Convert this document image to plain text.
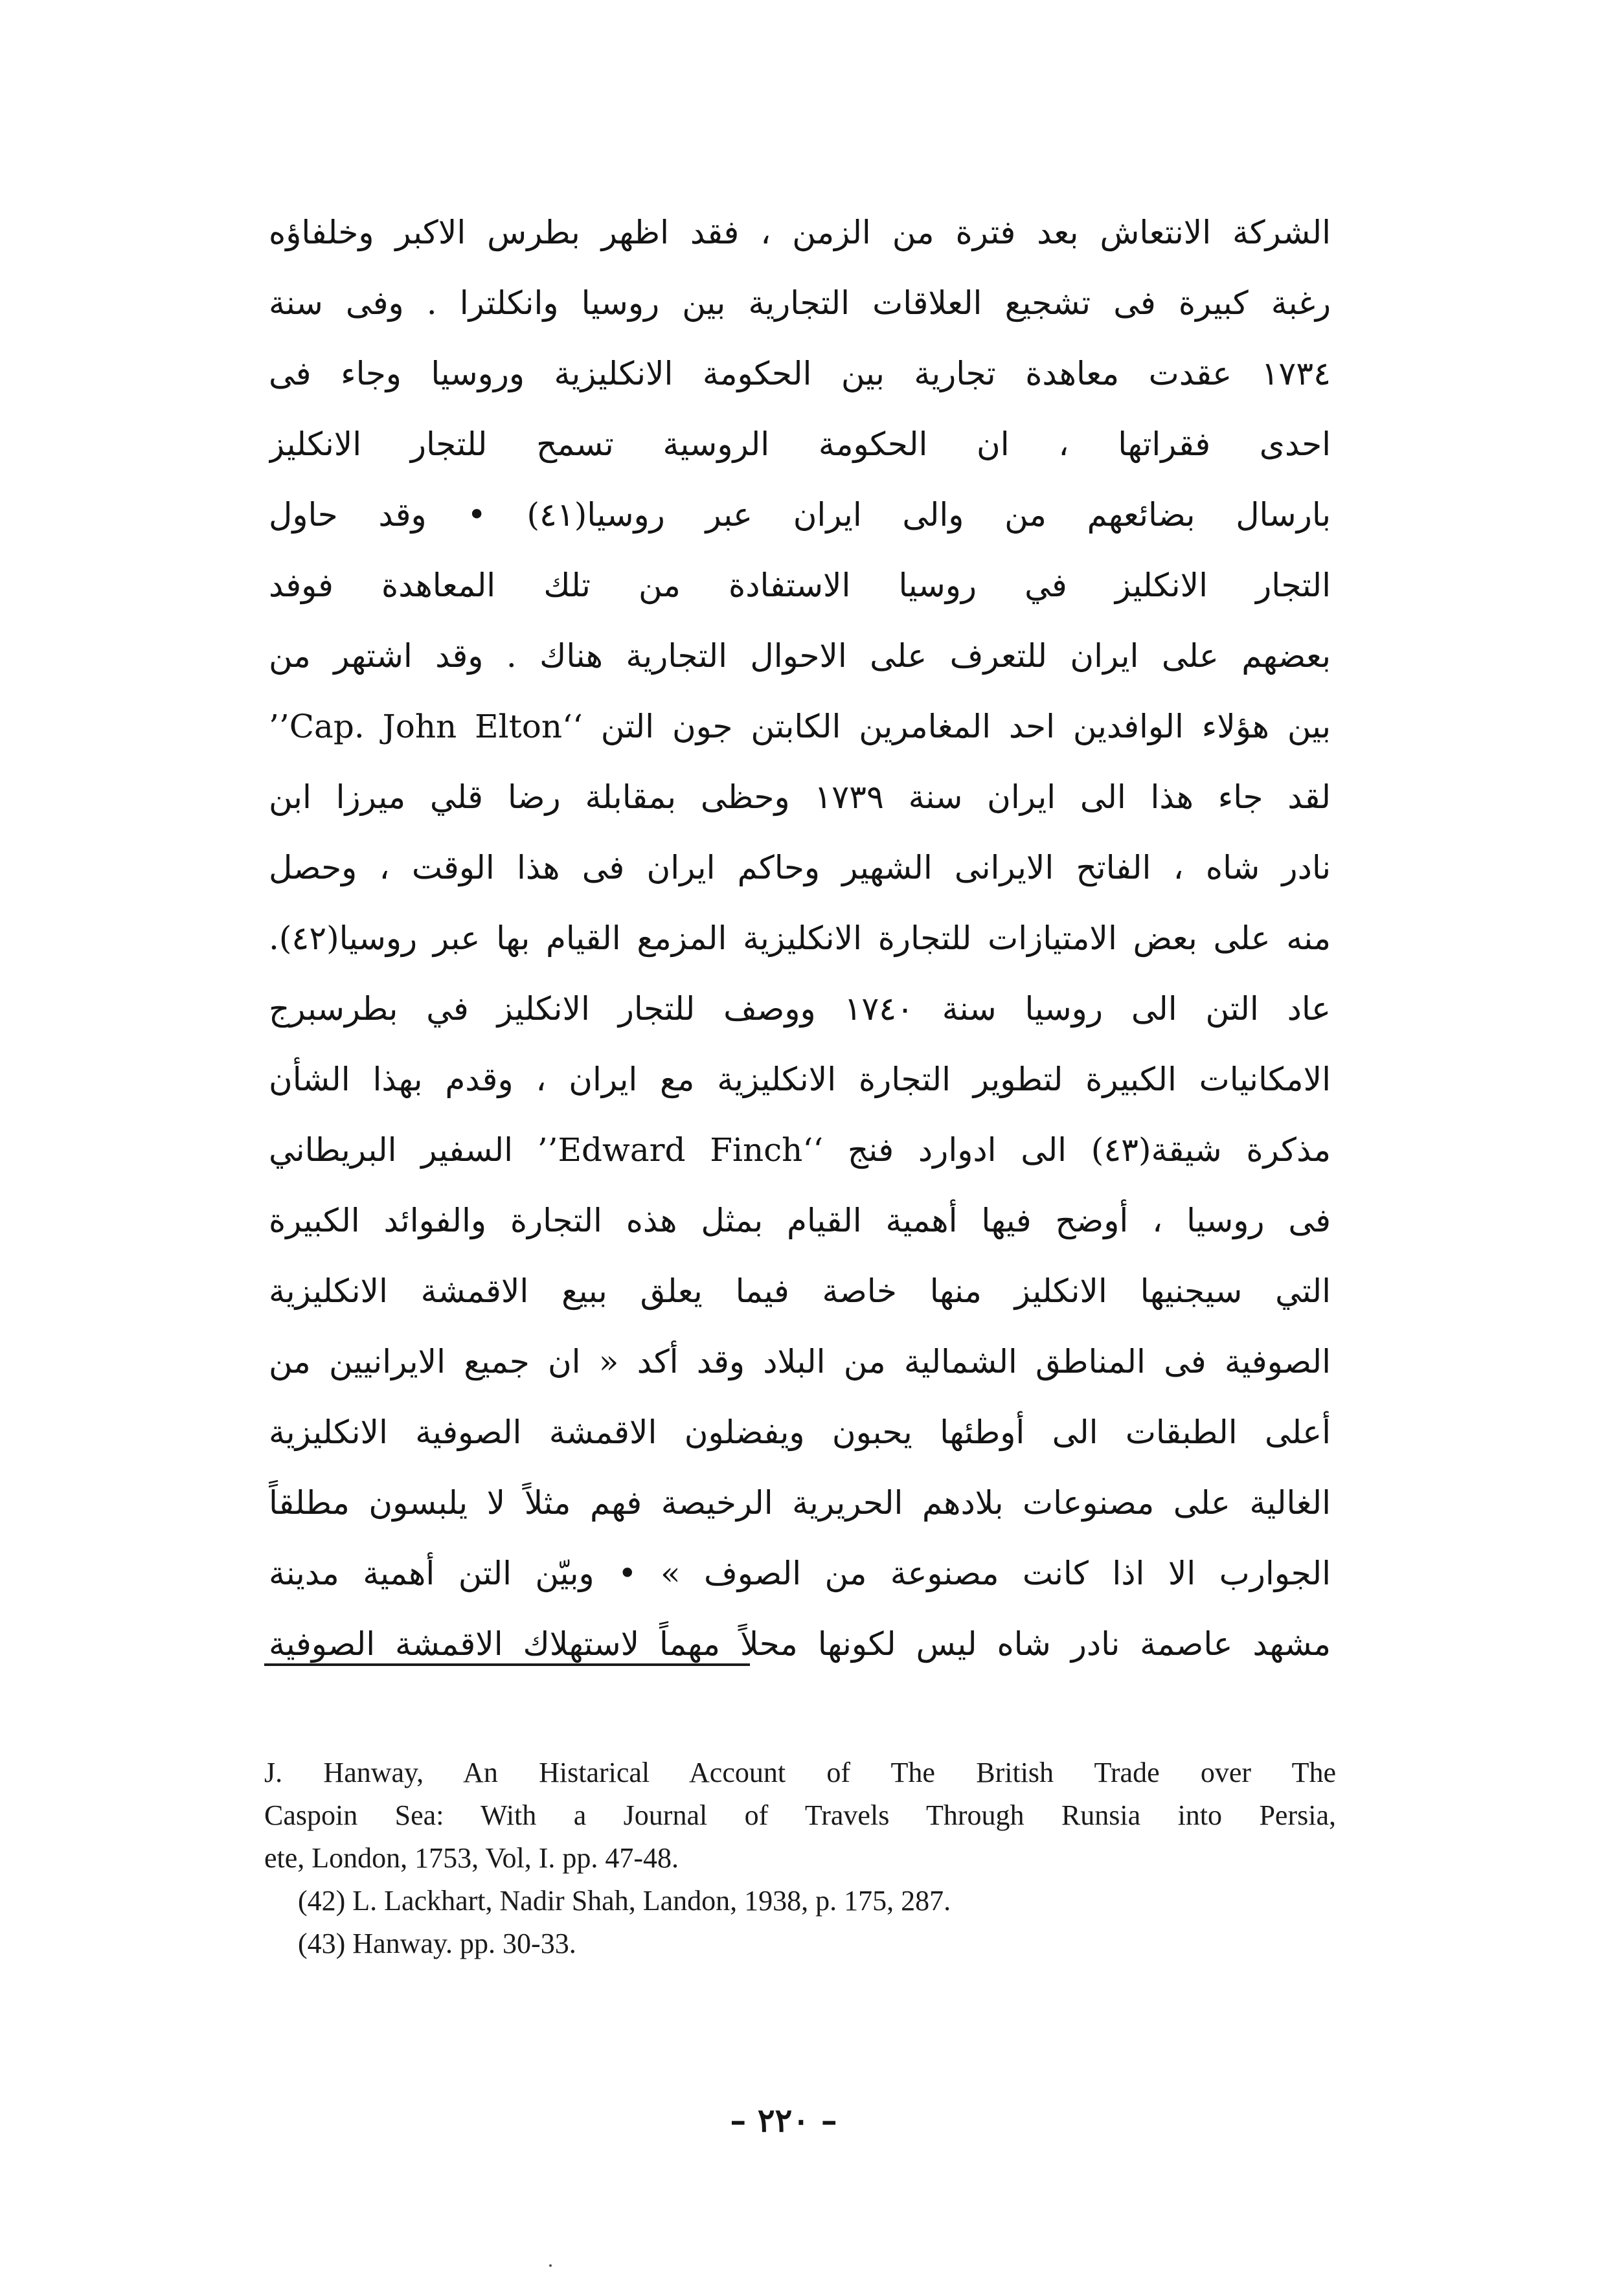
الشركة الانتعاش بعد فترة من الزمن ، فقد اظهر بطرس الاكبر وخلفاؤه
رغبة كبيرة فى تشجيع العلاقات التجارية بين روسيا وانكلترا . وفى سنة
١٧٣٤ عقدت معاهدة تجارية بين الحكومة الانكليزية وروسيا وجاء فى
احدى فقراتها ، ان الحكومة الروسية تسمح للتجار الانكليز
بارسال بضائعهم من والى ايران عبر روسيا(٤١) • وقد حاول
التجار الانكليز في روسيا الاستفادة من تلك المعاهدة فوفد
بعضهم على ايران للتعرف على الاحوال التجارية هناك . وقد اشتهر من
بين هؤلاء الوافدين احد المغامرين الكابتن جون التن ‘‘Cap. John Elton’’
لقد جاء هذا الى ايران سنة ١٧٣٩ وحظى بمقابلة رضا قلي ميرزا ابن
نادر شاه ، الفاتح الايرانى الشهير وحاكم ايران فى هذا الوقت ، وحصل
منه على بعض الامتيازات للتجارة الانكليزية المزمع القيام بها عبر روسيا(٤٢).
عاد التن الى روسيا سنة ١٧٤٠ ووصف للتجار الانكليز في بطرسبرج
الامكانيات الكبيرة لتطوير التجارة الانكليزية مع ايران ، وقدم بهذا الشأن
مذكرة شيقة(٤٣) الى ادوارد فنج ‘‘Edward Finch’’ السفير البريطاني
فى روسيا ، أوضح فيها أهمية القيام بمثل هذه التجارة والفوائد الكبيرة
التي سيجنيها الانكليز منها خاصة فيما يعلق ببيع الاقمشة الانكليزية
الصوفية فى المناطق الشمالية من البلاد وقد أكد « ان جميع الايرانيين من
أعلى الطبقات الى أوطئها يحبون ويفضلون الاقمشة الصوفية الانكليزية
الغالية على مصنوعات بلادهم الحريرية الرخيصة فهم مثلاً لا يلبسون مطلقاً
الجوارب الا اذا كانت مصنوعة من الصوف » • وبيّن التن أهمية مدينة
مشهد عاصمة نادر شاه ليس لكونها محلاً مهماً لاستهلاك الاقمشة الصوفية
J. Hanway, An Histarical Account of The British Trade over The
Caspoin Sea: With a Journal of Travels Through Runsia into Persia,
ete, London, 1753, Vol, I. pp. 47-48.
(42) L. Lackhart, Nadir Shah, Landon, 1938, p. 175, 287.
(43) Hanway. pp. 30-33.
– ٢٢٠ –
